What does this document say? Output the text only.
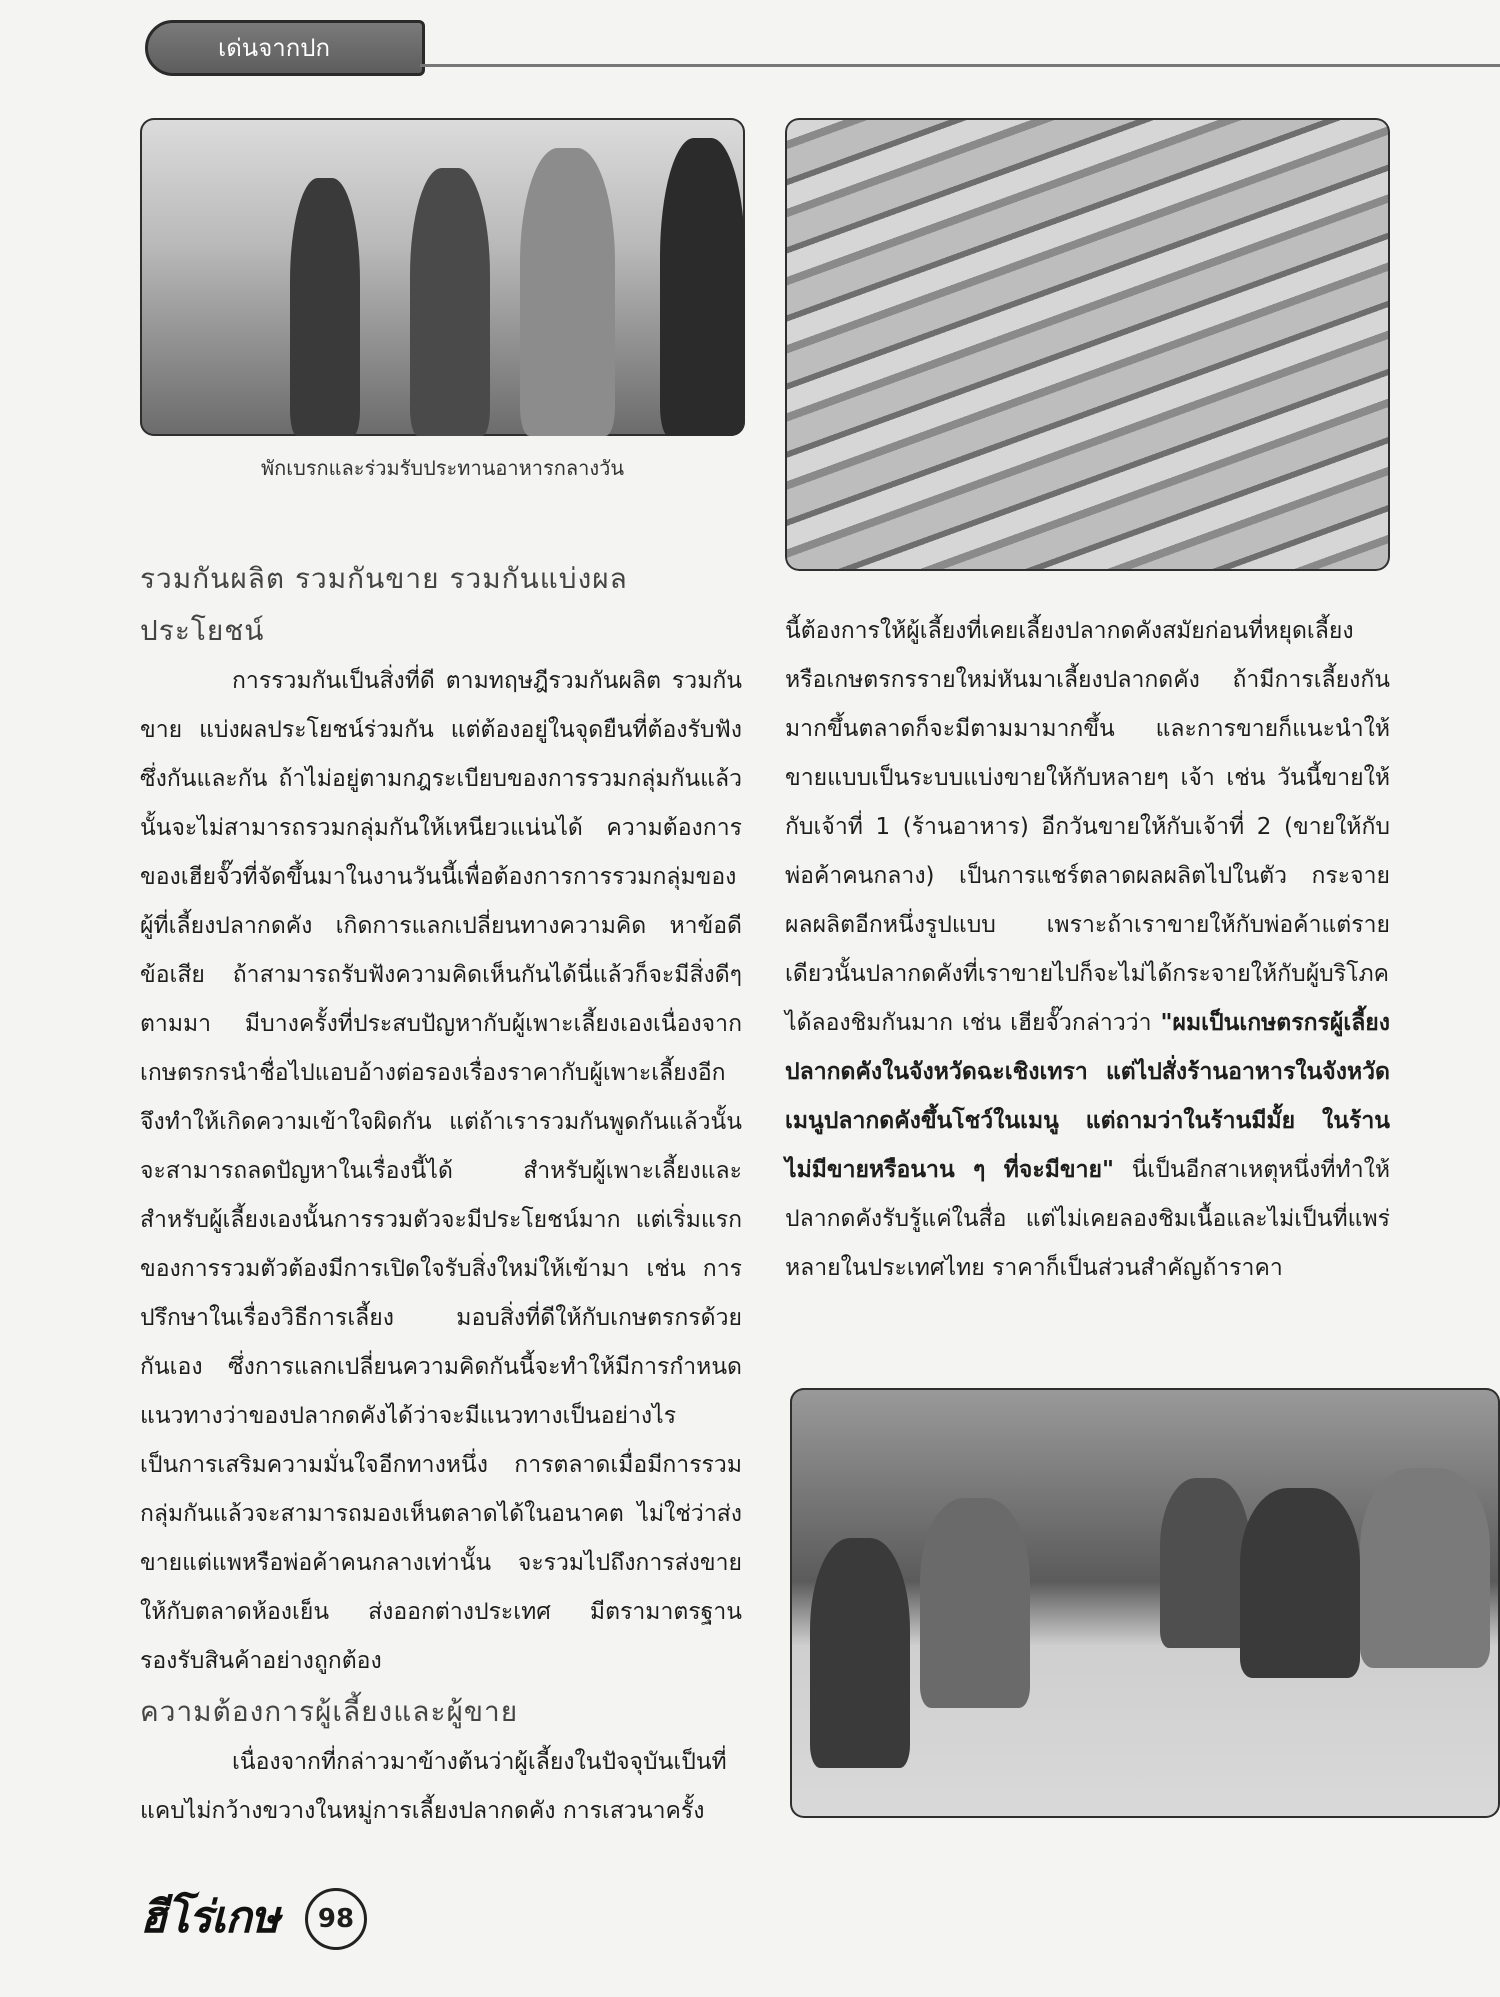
เด่นจากปก
พักเบรกและร่วมรับประทานอาหารกลางวัน
รวมกันผลิต รวมกันขาย รวมกันแบ่งผลประโยชน์

การรวมกันเป็นสิ่งที่ดี ตามทฤษฎีรวมกันผลิต รวมกันขาย แบ่งผลประโยชน์ร่วมกัน แต่ต้องอยู่ในจุดยืนที่ต้องรับฟังซึ่งกันและกัน ถ้าไม่อยู่ตามกฎระเบียบของการรวมกลุ่มกันแล้วนั้นจะไม่สามารถรวมกลุ่มกันให้เหนียวแน่นได้ ความต้องการของเฮียจั๊วที่จัดขึ้นมาในงานวันนี้เพื่อต้องการการรวมกลุ่มของผู้ที่เลี้ยงปลากดคัง เกิดการแลกเปลี่ยนทางความคิด หาข้อดี ข้อเสีย ถ้าสามารถรับฟังความคิดเห็นกันได้นี่แล้วก็จะมีสิ่งดีๆ ตามมา มีบางครั้งที่ประสบปัญหากับผู้เพาะเลี้ยงเองเนื่องจากเกษตรกรนำชื่อไปแอบอ้างต่อรองเรื่องราคากับผู้เพาะเลี้ยงอีก จึงทำให้เกิดความเข้าใจผิดกัน แต่ถ้าเรารวมกันพูดกันแล้วนั้นจะสามารถลดปัญหาในเรื่องนี้ได้ สำหรับผู้เพาะเลี้ยงและสำหรับผู้เลี้ยงเองนั้นการรวมตัวจะมีประโยชน์มาก แต่เริ่มแรกของการรวมตัวต้องมีการเปิดใจรับสิ่งใหม่ให้เข้ามา เช่น การปรึกษาในเรื่องวิธีการเลี้ยง มอบสิ่งที่ดีให้กับเกษตรกรด้วยกันเอง ซึ่งการแลกเปลี่ยนความคิดกันนี้จะทำให้มีการกำหนดแนวทางว่าของปลากดคังได้ว่าจะมีแนวทางเป็นอย่างไร เป็นการเสริมความมั่นใจอีกทางหนึ่ง การตลาดเมื่อมีการรวมกลุ่มกันแล้วจะสามารถมองเห็นตลาดได้ในอนาคต ไม่ใช่ว่าส่งขายแต่แพหรือพ่อค้าคนกลางเท่านั้น จะรวมไปถึงการส่งขายให้กับตลาดห้องเย็น ส่งออกต่างประเทศ มีตรามาตรฐานรองรับสินค้าอย่างถูกต้อง

ความต้องการผู้เลี้ยงและผู้ขาย

เนื่องจากที่กล่าวมาข้างต้นว่าผู้เลี้ยงในปัจจุบันเป็นที่แคบไม่กว้างขวางในหมู่การเลี้ยงปลากดคัง การเสวนาครั้ง

นี้ต้องการให้ผู้เลี้ยงที่เคยเลี้ยงปลากดคังสมัยก่อนที่หยุดเลี้ยงหรือเกษตรกรรายใหม่หันมาเลี้ยงปลากดคัง ถ้ามีการเลี้ยงกันมากขึ้นตลาดก็จะมีตามมามากขึ้น และการขายก็แนะนำให้ขายแบบเป็นระบบแบ่งขายให้กับหลายๆ เจ้า เช่น วันนี้ขายให้กับเจ้าที่ 1 (ร้านอาหาร) อีกวันขายให้กับเจ้าที่ 2 (ขายให้กับพ่อค้าคนกลาง) เป็นการแชร์ตลาดผลผลิตไปในตัว กระจายผลผลิตอีกหนึ่งรูปแบบ เพราะถ้าเราขายให้กับพ่อค้าแต่รายเดียวนั้นปลากดคังที่เราขายไปก็จะไม่ได้กระจายให้กับผู้บริโภคได้ลองชิมกันมาก เช่น เฮียจั๊วกล่าวว่า "ผมเป็นเกษตรกรผู้เลี้ยงปลากดคังในจังหวัดฉะเชิงเทรา แต่ไปสั่งร้านอาหารในจังหวัด เมนูปลากดคังขึ้นโชว์ในเมนู แต่ถามว่าในร้านมีมั้ย ในร้านไม่มีขายหรือนาน ๆ ที่จะมีขาย" นี่เป็นอีกสาเหตุหนึ่งที่ทำให้ปลากดคังรับรู้แค่ในสื่อ แต่ไม่เคยลองชิมเนื้อและไม่เป็นที่แพร่หลายในประเทศไทย ราคาก็เป็นส่วนสำคัญถ้าราคา

ฮีโร่เกษ	98
